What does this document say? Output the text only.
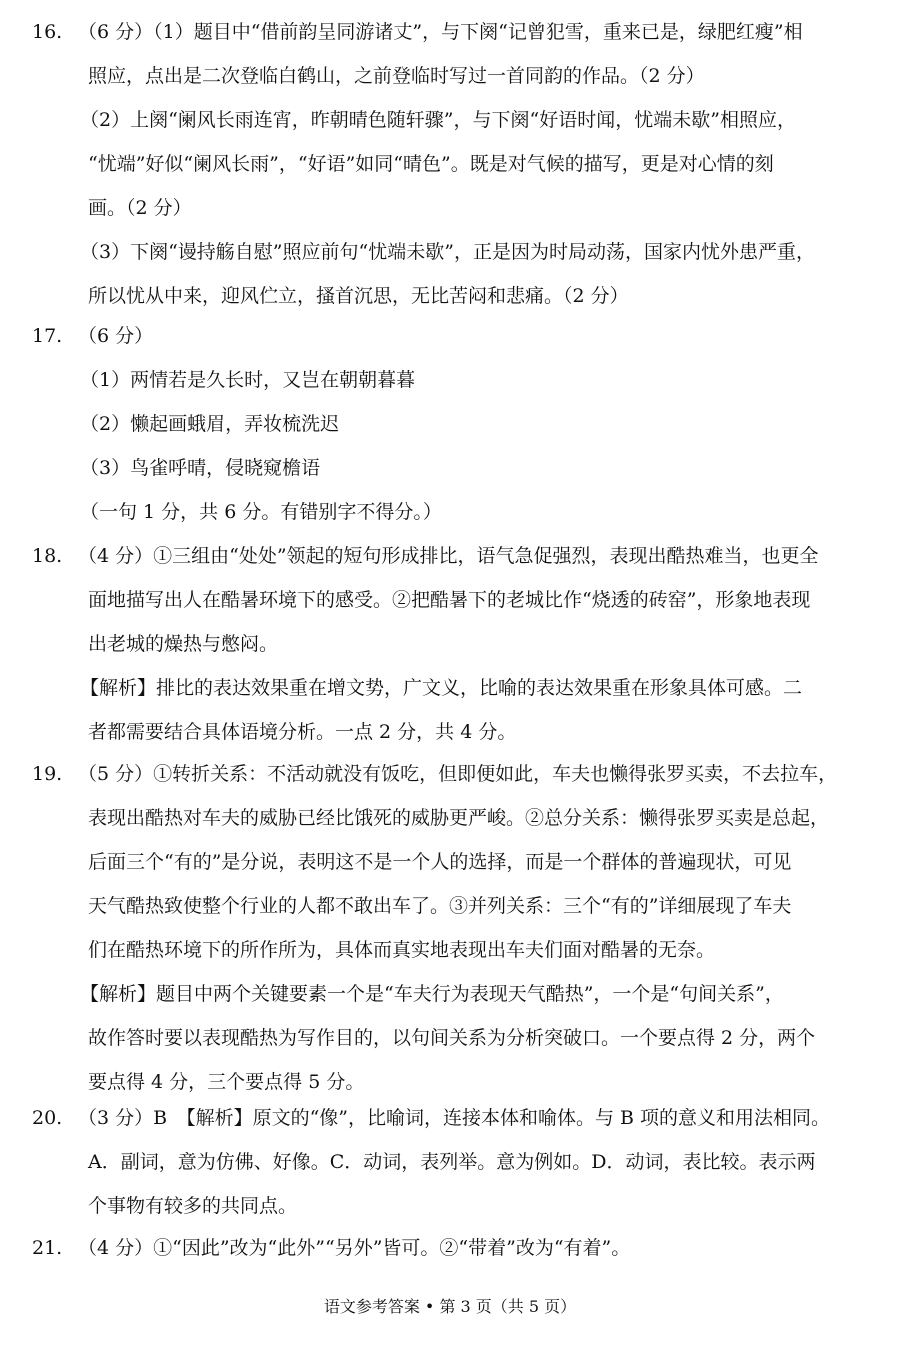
16. （6 分）（1）题目中“借前韵呈同游诸丈”，与下阕“记曾犯雪，重来已是，绿肥红瘦”相
照应，点出是二次登临白鹤山，之前登临时写过一首同韵的作品。（2 分）
（2）上阕“阑风长雨连宵，昨朝晴色随轩骤”，与下阕“好语时闻，忧端未歇”相照应，
“忧端”好似“阑风长雨”，“好语”如同“晴色”。既是对气候的描写，更是对心情的刻
画。（2 分）
（3）下阕“谩持觞自慰”照应前句“忧端未歇”，正是因为时局动荡，国家内忧外患严重，
所以忧从中来，迎风伫立，搔首沉思，无比苦闷和悲痛。（2 分）
17. （6 分）
（1）两情若是久长时，又岂在朝朝暮暮
（2）懒起画蛾眉，弄妆梳洗迟
（3）鸟雀呼晴，侵晓窥檐语
（一句 1 分，共 6 分。有错别字不得分。）
18. （4 分）①三组由“处处”领起的短句形成排比，语气急促强烈，表现出酷热难当，也更全
面地描写出人在酷暑环境下的感受。②把酷暑下的老城比作“烧透的砖窑”，形象地表现
出老城的燥热与憋闷。
【解析】排比的表达效果重在增文势，广文义，比喻的表达效果重在形象具体可感。二
者都需要结合具体语境分析。一点 2 分，共 4 分。
19. （5 分）①转折关系：不活动就没有饭吃，但即便如此，车夫也懒得张罗买卖，不去拉车，
表现出酷热对车夫的威胁已经比饿死的威胁更严峻。②总分关系：懒得张罗买卖是总起，
后面三个“有的”是分说，表明这不是一个人的选择，而是一个群体的普遍现状，可见
天气酷热致使整个行业的人都不敢出车了。③并列关系：三个“有的”详细展现了车夫
们在酷热环境下的所作所为，具体而真实地表现出车夫们面对酷暑的无奈。
【解析】题目中两个关键要素一个是“车夫行为表现天气酷热”，一个是“句间关系”，
故作答时要以表现酷热为写作目的，以句间关系为分析突破口。一个要点得 2 分，两个
要点得 4 分，三个要点得 5 分。
20. （3 分）B　【解析】原文的“像”，比喻词，连接本体和喻体。与 B 项的意义和用法相同。
A．副词，意为仿佛、好像。C．动词，表列举。意为例如。D．动词，表比较。表示两
个事物有较多的共同点。
21. （4 分）①“因此”改为“此外”“另外”皆可。②“带着”改为“有着”。
语文参考答案 • 第 3 页（共 5 页）
